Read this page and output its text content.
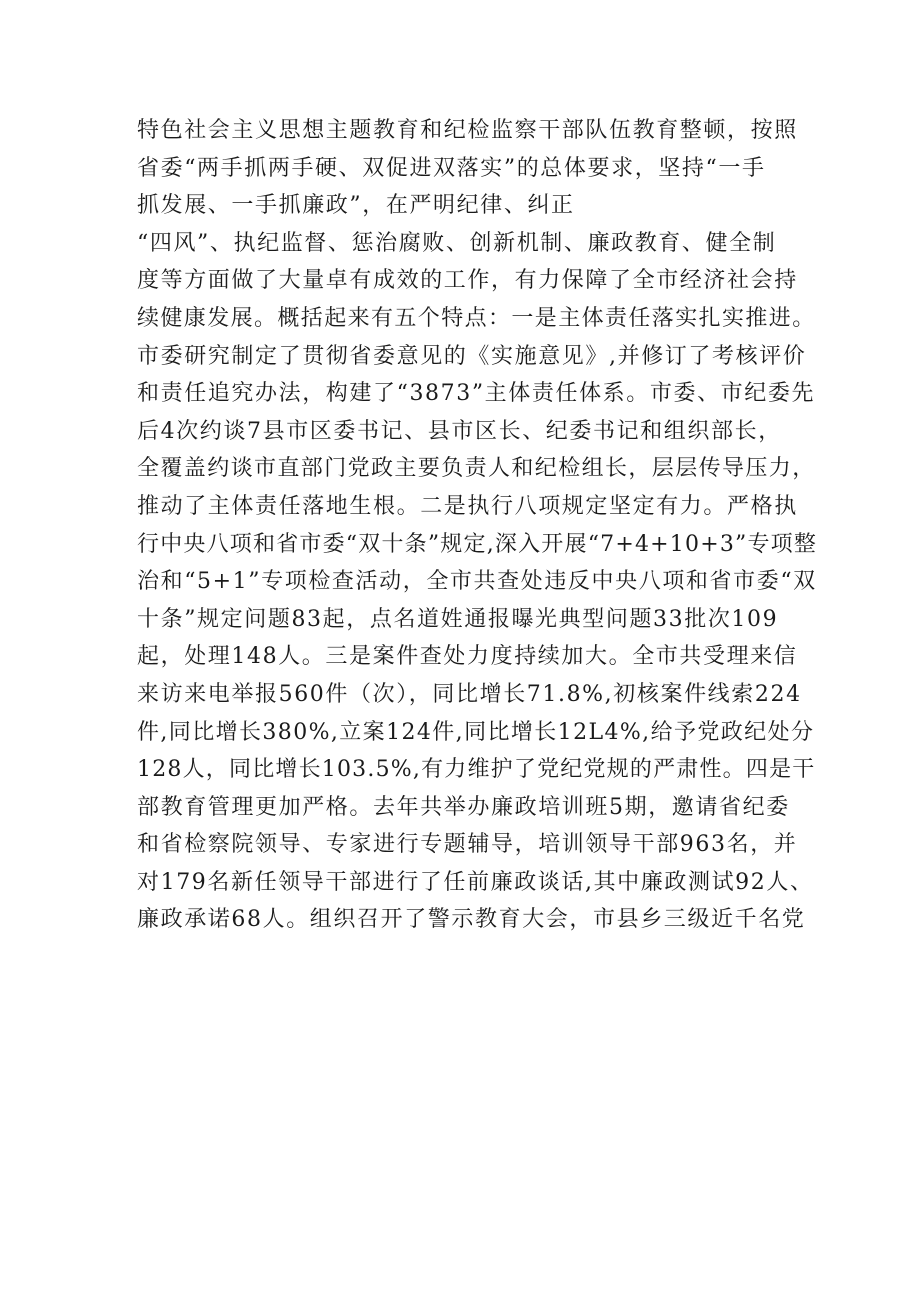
特色社会主义思想主题教育和纪检监察干部队伍教育整顿，按照
省委“两手抓两手硬、双促进双落实”的总体要求，坚持“一手
抓发展、一手抓廉政”，在严明纪律、纠正
“四风”、执纪监督、惩治腐败、创新机制、廉政教育、健全制
度等方面做了大量卓有成效的工作，有力保障了全市经济社会持
续健康发展。概括起来有五个特点：一是主体责任落实扎实推进。
市委研究制定了贯彻省委意见的《实施意见》,并修订了考核评价
和责任追究办法，构建了“3873”主体责任体系。市委、市纪委先
后4次约谈7县市区委书记、县市区长、纪委书记和组织部长，
全覆盖约谈市直部门党政主要负责人和纪检组长，层层传导压力，
推动了主体责任落地生根。二是执行八项规定坚定有力。严格执
行中央八项和省市委“双十条”规定,深入开展“7+4+10+3”专项整
治和“5+1”专项检查活动，全市共查处违反中央八项和省市委“双
十条”规定问题83起，点名道姓通报曝光典型问题33批次109
起，处理148人。三是案件查处力度持续加大。全市共受理来信
来访来电举报560件（次），同比增长71.8%,初核案件线索224
件,同比增长380%,立案124件,同比增长12L4%,给予党政纪处分
128人，同比增长103.5%,有力维护了党纪党规的严肃性。四是干
部教育管理更加严格。去年共举办廉政培训班5期，邀请省纪委
和省检察院领导、专家进行专题辅导，培训领导干部963名，并
对179名新任领导干部进行了任前廉政谈话,其中廉政测试92人、
廉政承诺68人。组织召开了警示教育大会，市县乡三级近千名党
